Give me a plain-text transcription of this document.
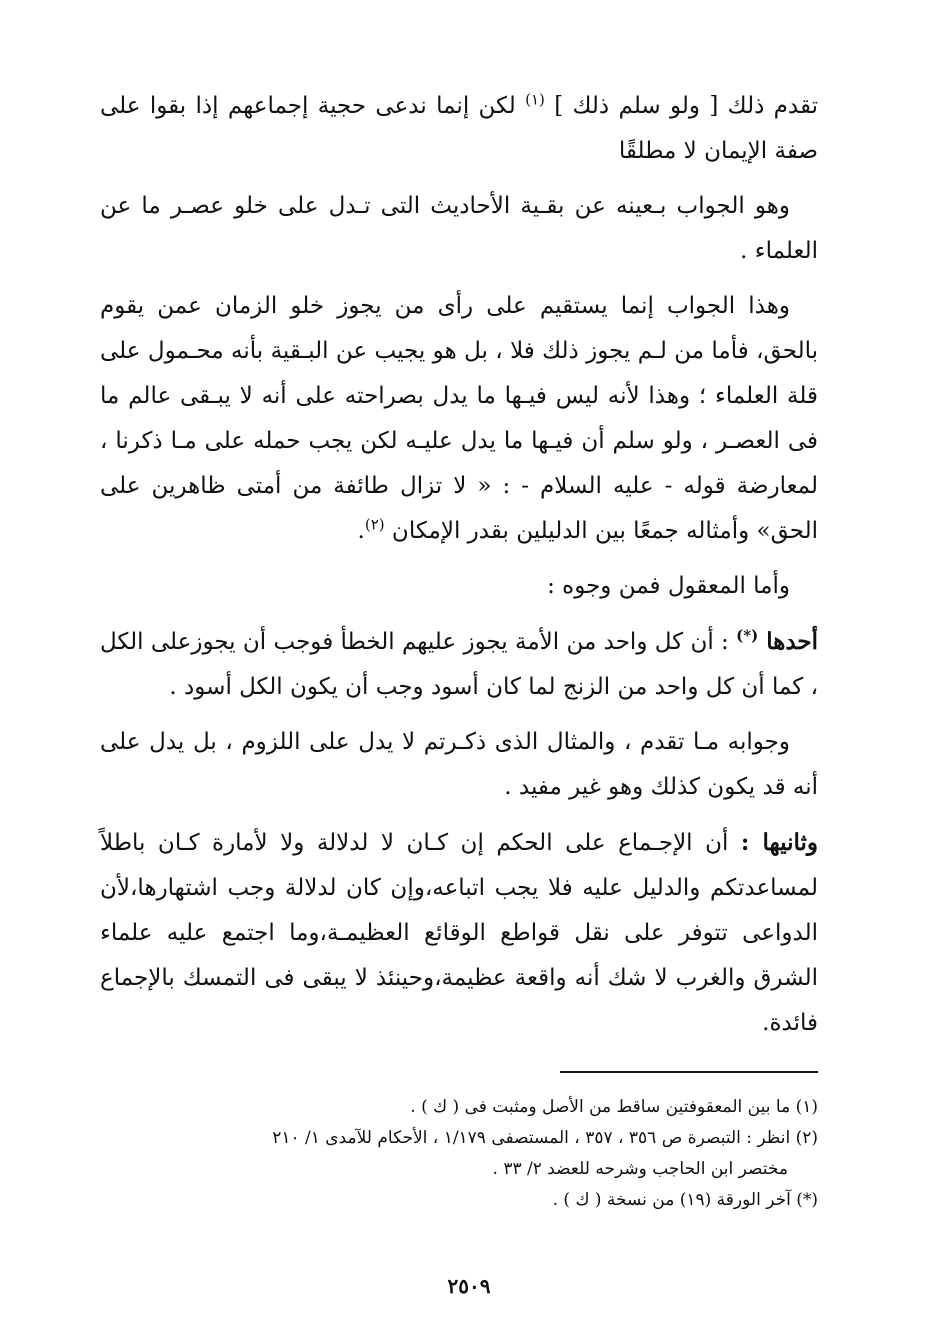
تقدم ذلك [ ولو سلم ذلك ] $^{(١)}$ لكن إنما ندعى حجية إجماعهم إذا بقوا على صفة الإيمان لا مطلقًا

وهو الجواب بـعينه عن بقـية الأحاديث التى تـدل على خلو عصـر ما عن العلماء .

وهذا الجواب إنما يستقيم على رأى من يجوز خلو الزمان عمن يقوم بالحق، فأما من لـم يجوز ذلك فلا ، بل هو يجيب عن البـقية بأنه محـمول على قلة العلماء ؛ وهذا لأنه ليس فيـها ما يدل بصراحته على أنه لا يبـقى عالم ما فى العصـر ، ولو سلم أن فيـها ما يدل عليـه لكن يجب حمله على مـا ذكرنا ، لمعارضة قوله - عليه السلام - : « لا تزال طائفة من أمتى ظاهرين على الحق» وأمثاله جمعًا بين الدليلين بقدر الإمكان $^{(٢)}$.

وأما المعقول فمن وجوه :

أحدها (*) : أن كل واحد من الأمة يجوز عليهم الخطأ فوجب أن يجوزعلى الكل ، كما أن كل واحد من الزنج لما كان أسود وجب أن يكون الكل أسود .

وجوابه مـا تقدم ، والمثال الذى ذكـرتم لا يدل على اللزوم ، بل يدل على أنه قد يكون كذلك وهو غير مفيد .

وثانيها : أن الإجـماع على الحكم إن كـان لا لدلالة ولا لأمارة كـان باطلاً لمساعدتكم والدليل عليه فلا يجب اتباعه،وإن كان لدلالة وجب اشتهارها،لأن الدواعى تتوفر على نقل قواطع الوقائع العظيمـة،وما اجتمع عليه علماء الشرق والغرب لا شك أنه واقعة عظيمة،وحينئذ لا يبقى فى التمسك بالإجماع فائدة.

(١) ما بين المعقوفتين ساقط من الأصل ومثبت فى ( ك ) .

(٢) انظر : التبصرة ص ٣٥٦ ، ٣٥٧ ، المستصفى ١/١٧٩ ، الأحكام للآمدى ١/ ٢١٠

مختصر ابن الحاجب وشرحه للعضد ٢/ ٣٣ .

(*) آخر الورقة (١٩) من نسخة ( ك ) .

٢٥٠٩
